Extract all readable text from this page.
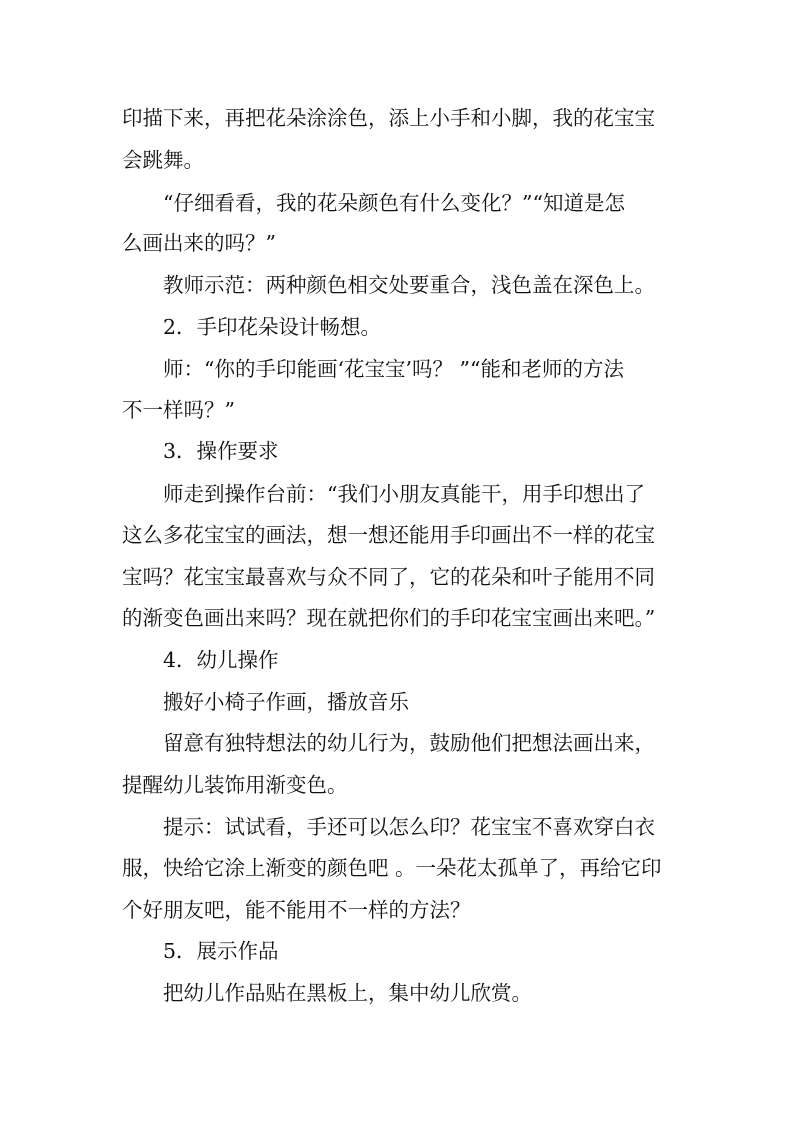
印描下来，再把花朵涂涂色，添上小手和小脚，我的花宝宝
会跳舞。
“仔细看看，我的花朵颜色有什么变化？”“知道是怎
么画出来的吗？”
教师示范：两种颜色相交处要重合，浅色盖在深色上。
2．手印花朵设计畅想。
师：“你的手印能画‘花宝宝’吗？ ”“能和老师的方法
不一样吗？”
3．操作要求
师走到操作台前：“我们小朋友真能干，用手印想出了
这么多花宝宝的画法，想一想还能用手印画出不一样的花宝
宝吗？花宝宝最喜欢与众不同了，它的花朵和叶子能用不同
的渐变色画出来吗？现在就把你们的手印花宝宝画出来吧。”
4．幼儿操作
搬好小椅子作画，播放音乐
留意有独特想法的幼儿行为，鼓励他们把想法画出来，
提醒幼儿装饰用渐变色。
提示：试试看，手还可以怎么印？花宝宝不喜欢穿白衣
服，快给它涂上渐变的颜色吧 。一朵花太孤单了，再给它印
个好朋友吧，能不能用不一样的方法？
5．展示作品
把幼儿作品贴在黑板上，集中幼儿欣赏。
